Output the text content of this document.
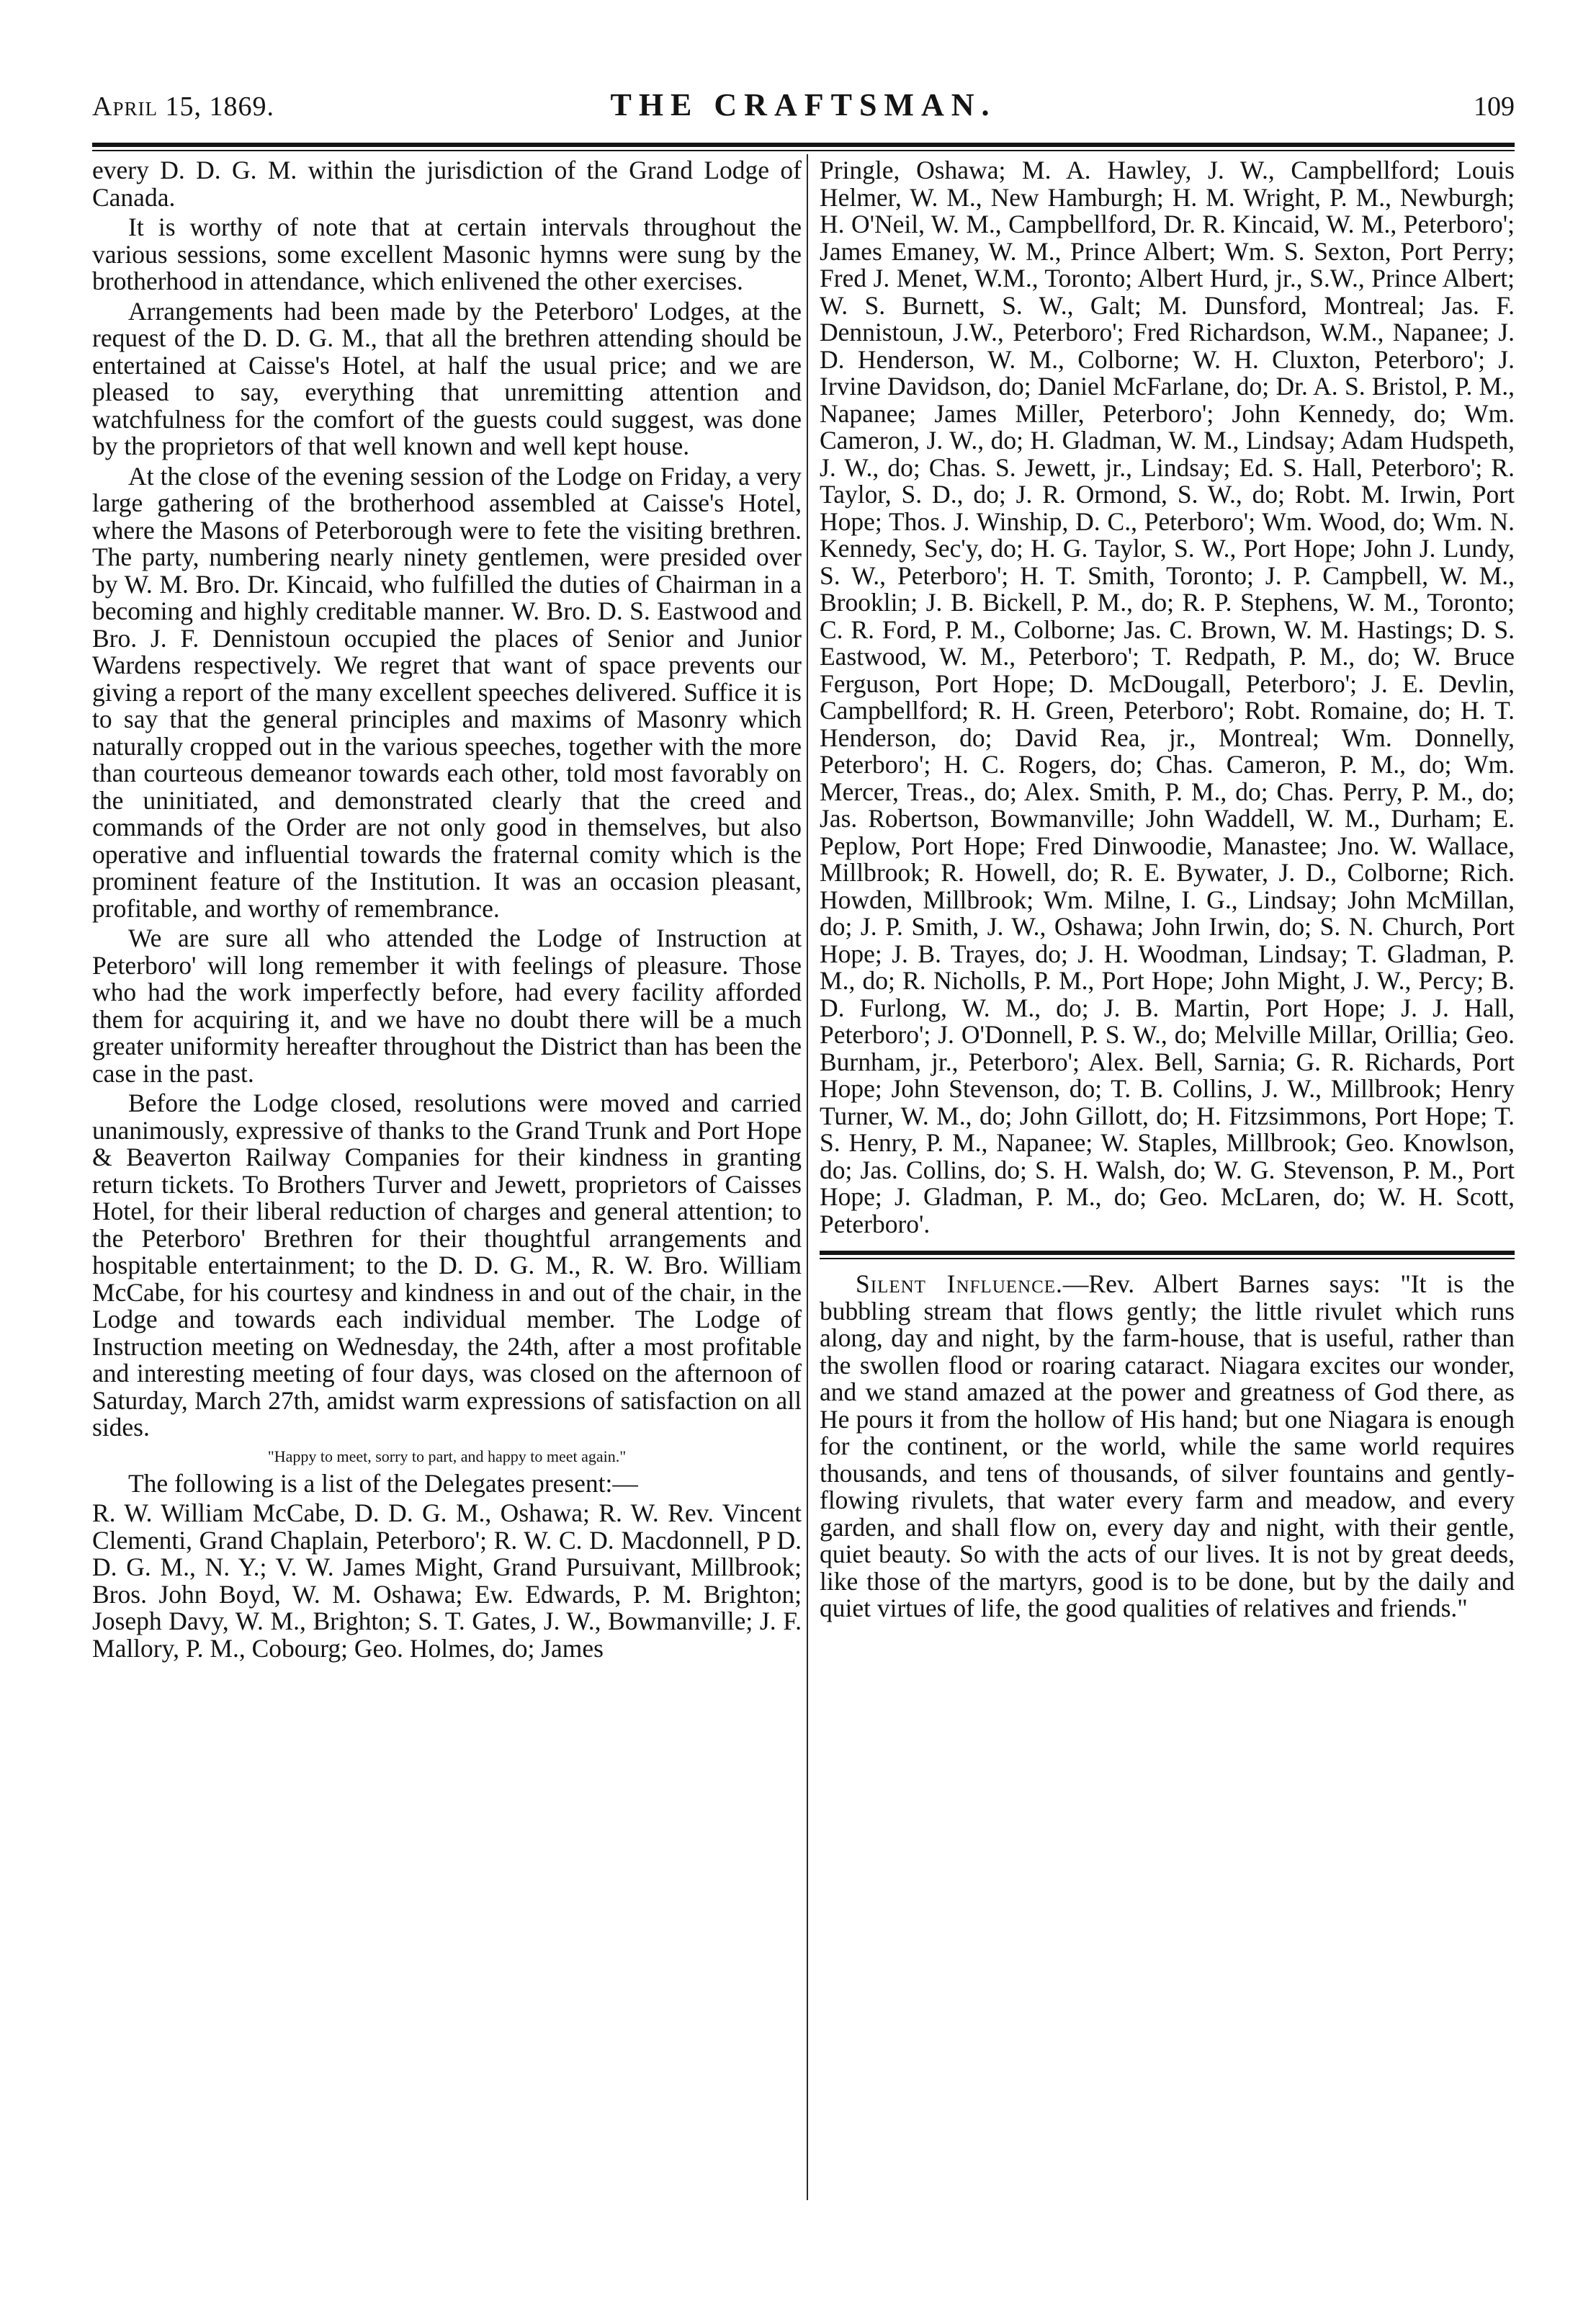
April 15, 1869.	THE CRAFTSMAN.	109

every D. D. G. M. within the jurisdiction of the Grand Lodge of Canada.

It is worthy of note that at certain intervals throughout the various sessions, some excellent Masonic hymns were sung by the brotherhood in attendance, which enlivened the other exercises.

Arrangements had been made by the Peterboro' Lodges, at the request of the D. D. G. M., that all the brethren attending should be entertained at Caisse's Hotel, at half the usual price; and we are pleased to say, everything that unremitting attention and watchfulness for the comfort of the guests could suggest, was done by the proprietors of that well known and well kept house.

At the close of the evening session of the Lodge on Friday, a very large gathering of the brotherhood assembled at Caisse's Hotel, where the Masons of Peterborough were to fete the visiting brethren. The party, numbering nearly ninety gentlemen, were presided over by W. M. Bro. Dr. Kincaid, who fulfilled the duties of Chairman in a becoming and highly creditable manner. W. Bro. D. S. Eastwood and Bro. J. F. Dennistoun occupied the places of Senior and Junior Wardens respectively. We regret that want of space prevents our giving a report of the many excellent speeches delivered. Suffice it is to say that the general principles and maxims of Masonry which naturally cropped out in the various speeches, together with the more than courteous demeanor towards each other, told most favorably on the uninitiated, and demonstrated clearly that the creed and commands of the Order are not only good in themselves, but also operative and influential towards the fraternal comity which is the prominent feature of the Institution. It was an occasion pleasant, profitable, and worthy of remembrance.

We are sure all who attended the Lodge of Instruction at Peterboro' will long remember it with feelings of pleasure. Those who had the work imperfectly before, had every facility afforded them for acquiring it, and we have no doubt there will be a much greater uniformity hereafter throughout the District than has been the case in the past.

Before the Lodge closed, resolutions were moved and carried unanimously, expressive of thanks to the Grand Trunk and Port Hope & Beaverton Railway Companies for their kindness in granting return tickets. To Brothers Turver and Jewett, proprietors of Caisses Hotel, for their liberal reduction of charges and general attention; to the Peterboro' Brethren for their thoughtful arrangements and hospitable entertainment; to the D. D. G. M., R. W. Bro. William McCabe, for his courtesy and kindness in and out of the chair, in the Lodge and towards each individual member. The Lodge of Instruction meeting on Wednesday, the 24th, after a most profitable and interesting meeting of four days, was closed on the afternoon of Saturday, March 27th, amidst warm expressions of satisfaction on all sides.

"Happy to meet, sorry to part, and happy to meet again."

The following is a list of the Delegates present:—

R. W. William McCabe, D. D. G. M., Oshawa; R. W. Rev. Vincent Clementi, Grand Chaplain, Peterboro'; R. W. C. D. Macdonnell, P D. D. G. M., N. Y.; V. W. James Might, Grand Pursuivant, Millbrook; Bros. John Boyd, W. M. Oshawa; Ew. Edwards, P. M. Brighton; Joseph Davy, W. M., Brighton; S. T. Gates, J. W., Bowmanville; J. F. Mallory, P. M., Cobourg; Geo. Holmes, do; James

Pringle, Oshawa; M. A. Hawley, J. W., Campbellford; Louis Helmer, W. M., New Hamburgh; H. M. Wright, P. M., Newburgh; H. O'Neil, W. M., Campbellford, Dr. R. Kincaid, W. M., Peterboro'; James Emaney, W. M., Prince Albert; Wm. S. Sexton, Port Perry; Fred J. Menet, W.M., Toronto; Albert Hurd, jr., S.W., Prince Albert; W. S. Burnett, S. W., Galt; M. Dunsford, Montreal; Jas. F. Dennistoun, J.W., Peterboro'; Fred Richardson, W.M., Napanee; J. D. Henderson, W. M., Colborne; W. H. Cluxton, Peterboro'; J. Irvine Davidson, do; Daniel McFarlane, do; Dr. A. S. Bristol, P. M., Napanee; James Miller, Peterboro'; John Kennedy, do; Wm. Cameron, J. W., do; H. Gladman, W. M., Lindsay; Adam Hudspeth, J. W., do; Chas. S. Jewett, jr., Lindsay; Ed. S. Hall, Peterboro'; R. Taylor, S. D., do; J. R. Ormond, S. W., do; Robt. M. Irwin, Port Hope; Thos. J. Winship, D. C., Peterboro'; Wm. Wood, do; Wm. N. Kennedy, Sec'y, do; H. G. Taylor, S. W., Port Hope; John J. Lundy, S. W., Peterboro'; H. T. Smith, Toronto; J. P. Campbell, W. M., Brooklin; J. B. Bickell, P. M., do; R. P. Stephens, W. M., Toronto; C. R. Ford, P. M., Colborne; Jas. C. Brown, W. M. Hastings; D. S. Eastwood, W. M., Peterboro'; T. Redpath, P. M., do; W. Bruce Ferguson, Port Hope; D. McDougall, Peterboro'; J. E. Devlin, Campbellford; R. H. Green, Peterboro'; Robt. Romaine, do; H. T. Henderson, do; David Rea, jr., Montreal; Wm. Donnelly, Peterboro'; H. C. Rogers, do; Chas. Cameron, P. M., do; Wm. Mercer, Treas., do; Alex. Smith, P. M., do; Chas. Perry, P. M., do; Jas. Robertson, Bowmanville; John Waddell, W. M., Durham; E. Peplow, Port Hope; Fred Dinwoodie, Manastee; Jno. W. Wallace, Millbrook; R. Howell, do; R. E. Bywater, J. D., Colborne; Rich. Howden, Millbrook; Wm. Milne, I. G., Lindsay; John McMillan, do; J. P. Smith, J. W., Oshawa; John Irwin, do; S. N. Church, Port Hope; J. B. Trayes, do; J. H. Woodman, Lindsay; T. Gladman, P. M., do; R. Nicholls, P. M., Port Hope; John Might, J. W., Percy; B. D. Furlong, W. M., do; J. B. Martin, Port Hope; J. J. Hall, Peterboro'; J. O'Donnell, P. S. W., do; Melville Millar, Orillia; Geo. Burnham, jr., Peterboro'; Alex. Bell, Sarnia; G. R. Richards, Port Hope; John Stevenson, do; T. B. Collins, J. W., Millbrook; Henry Turner, W. M., do; John Gillott, do; H. Fitzsimmons, Port Hope; T. S. Henry, P. M., Napanee; W. Staples, Millbrook; Geo. Knowlson, do; Jas. Collins, do; S. H. Walsh, do; W. G. Stevenson, P. M., Port Hope; J. Gladman, P. M., do; Geo. McLaren, do; W. H. Scott, Peterboro'.

Silent Influence.—Rev. Albert Barnes says: "It is the bubbling stream that flows gently; the little rivulet which runs along, day and night, by the farm-house, that is useful, rather than the swollen flood or roaring cataract. Niagara excites our wonder, and we stand amazed at the power and greatness of God there, as He pours it from the hollow of His hand; but one Niagara is enough for the continent, or the world, while the same world requires thousands, and tens of thousands, of silver fountains and gently-flowing rivulets, that water every farm and meadow, and every garden, and shall flow on, every day and night, with their gentle, quiet beauty. So with the acts of our lives. It is not by great deeds, like those of the martyrs, good is to be done, but by the daily and quiet virtues of life, the good qualities of relatives and friends."
